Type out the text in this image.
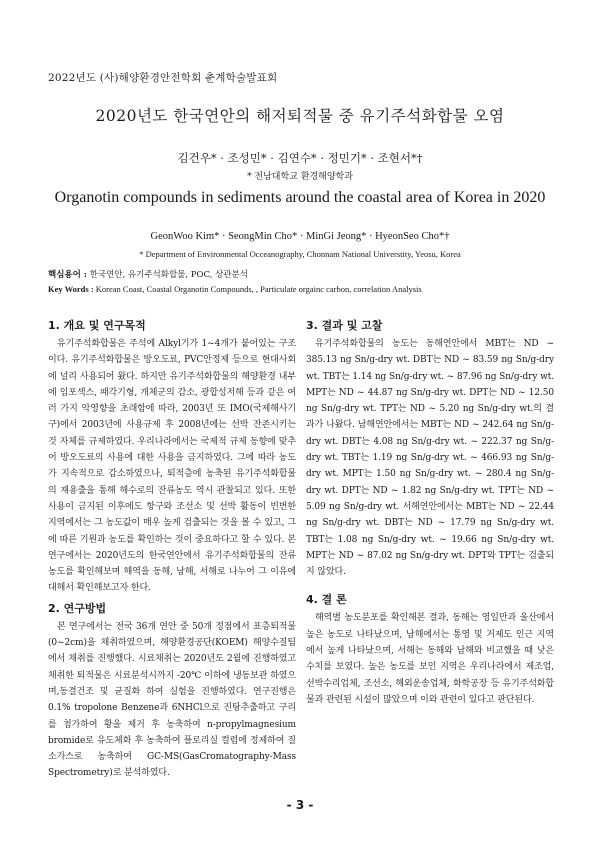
2022년도 (사)해양환경안전학회 춘계학술발표회
2020년도 한국연안의 해저퇴적물 중 유기주석화합물 오염
김건우* · 조성민* · 김연수* · 정민기* · 조현서*†
* 전남대학교 환경해양학과
Organotin compounds in sediments around the coastal area of Korea in 2020
GeonWoo Kim* · SeongMin Cho* · MinGi Jeong* · HyeonSeo Cho*†
* Department of Environmental Occeanography, Chonnam National Universtity, Yeosu, Korea
핵심용어 : 한국연안, 유기주석화합물, POC, 상관분석
Key Words : Korean Coast, Coastal Organotin Compounds, , Particulate orgainc carbon, correlation Analysis
1. 개요 및 연구목적

유기주석화합물은 주석에 Alkyl기가 1~4개가 붙어있는 구조이다. 유기주석화합물은 방오도료, PVC안정제 등으로 현대사회에 널리 사용되어 왔다. 하지만 유기주석화합물의 해양환경 내부에 임포섹스, 패각기형, 개체군의 감소, 광합성저해 등과 같은 여러 가지 악영향을 초래함에 따라, 2003년 또 IMO(국제해사기구)에서 2003년에 사용규제 후 2008년에는 선박 잔존시키는 것 자체를 규제하였다. 우리나라에서는 국제적 규제 동향에 맞추어 방오도료의 사용에 대한 사용을 금지하였다. 그에 따라 농도가 지속적으로 감소하였으나, 퇴적층에 농축된 유기주석화합물의 재용출을 통해 해수로의 잔류농도 역시 관찰되고 있다. 또한 사용이 금지된 이후에도 항구와 조선소 및 선박 활동이 빈번한 지역에서는 그 농도값이 매우 높게 검출되는 것을 볼 수 있고, 그에 따른 기원과 농도를 확인하는 것이 중요하다고 할 수 있다. 본 연구에서는 2020년도의 한국연안에서 유기주석화합물의 잔류농도를 확인해보며 해역을 동해, 남해, 서해로 나누어 그 이유에 대해서 확인해보고자 한다.

2. 연구방법

본 연구에서는 전국 36개 연안 중 50개 정점에서 표층퇴적물(0~2cm)을 채취하였으며, 해양환경공단(KOEM) 해양수질팀에서 채취를 진행했다. 시료채취는 2020년도 2월에 진행하였고 채취한 퇴적물은 시료분석시까지 -20℃ 이하에 냉동보관 하였으며,동결건조 및 균질화 하여 실험을 진행하였다. 연구진행은 0.1% tropolone Benzene과 6NHCl으로 진탕추출하고 구리를 첨가하여 황을 제거 후 농축하여 n-propylmagnesium bromide로 유도체화 후 농축하여 플로리실 컬럼에 정제하여 질소가스로 농축하여 GC-MS(GasCromatography-Mass Spectrometry)로 분석하였다.

3. 결과 및 고찰

유기주석화합물의 농도는 동해연안에서 MBT는 ND ~ 385.13 ng Sn/g-dry wt. DBT는 ND ~ 83.59 ng Sn/g-dry wt. TBT는 1.14 ng Sn/g-dry wt. ~ 87.96 ng Sn/g-dry wt. MPT는 ND ~ 44.87 ng Sn/g-dry wt. DPT는 ND ~ 12.50 ng Sn/g-dry wt. TPT는 ND ~ 5.20 ng Sn/g-dry wt.의 결과가 나왔다. 남해연안에서는 MBT는 ND ~ 242.64 ng Sn/g-dry wt. DBT는 4.08 ng Sn/g-dry wt. ~ 222.37 ng Sn/g-dry wt. TBT는 1.19 ng Sn/g-dry wt. ~ 466.93 ng Sn/g-dry wt. MPT는 1.50 ng Sn/g-dry wt. ~ 280.4 ng Sn/g-dry wt. DPT는 ND ~ 1.82 ng Sn/g-dry wt. TPT는 ND ~ 5.09 ng Sn/g-dry wt. 서해연안에서는 MBT는 ND ~ 22.44 ng Sn/g-dry wt. DBT는 ND ~ 17.79 ng Sn/g-dry wt. TBT는 1.08 ng Sn/g-dry wt. ~ 19.66 ng Sn/g-dry wt. MPT는 ND ~ 87.02 ng Sn/g-dry wt. DPT와 TPT는 검출되지 않았다.

4. 결 론

해역별 농도분포를 확인해본 결과, 동해는 영일만과 울산에서 높은 농도로 나타났으며, 남해에서는 통영 및 거제도 인근 지역에서 높게 나타났으며, 서해는 동해와 남해와 비교했을 때 낮은 수치를 보였다. 높은 농도를 보인 지역은 우리나라에서 제조업, 선박수리업체, 조선소, 해외운송업체, 화학공장 등 유기주석화합물과 관련된 시설이 많았으며 이와 관련이 있다고 판단된다.

- 3 -
